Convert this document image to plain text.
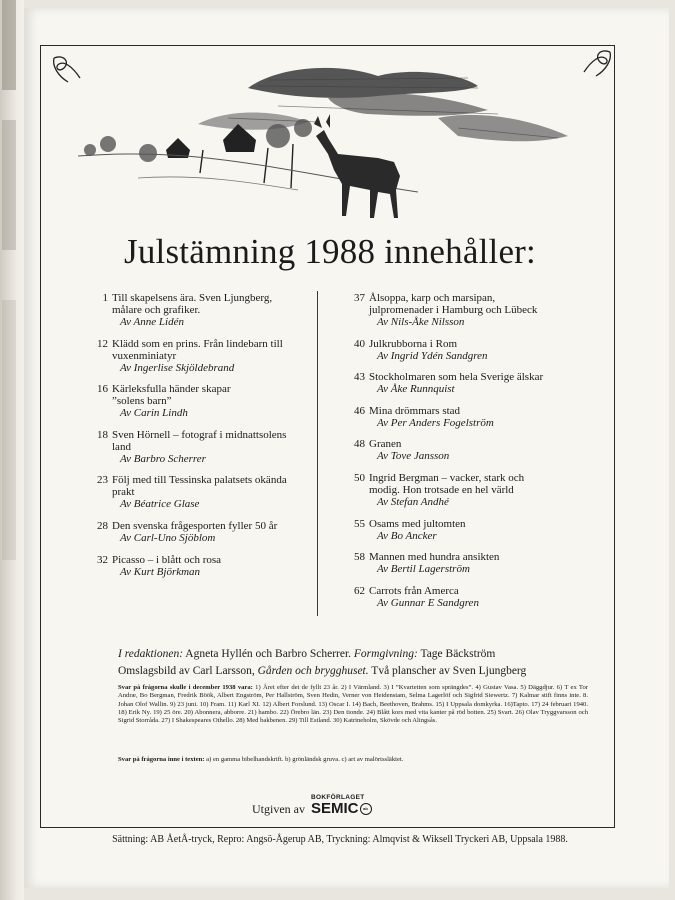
Julstämning 1988 innehåller:
1 Till skapelsens ära. Sven Ljungberg,
målare och grafiker.
Av Anne Lidén
12 Klädd som en prins. Från lindebarn till
vuxenminiatyr
Av Ingerlise Skjöldebrand
16 Kärleksfulla händer skapar
”solens barn”
Av Carin Lindh
18 Sven Hörnell – fotograf i midnattsolens
land
Av Barbro Scherrer
23 Följ med till Tessinska palatsets okända
prakt
Av Béatrice Glase
28 Den svenska frågesporten fyller 50 år
Av Carl-Uno Sjöblom
32 Picasso – i blått och rosa
Av Kurt Björkman
37 Ålsoppa, karp och marsipan,
julpromenader i Hamburg och Lübeck
Av Nils-Åke Nilsson
40 Julkrubborna i Rom
Av Ingrid Ydén Sandgren
43 Stockholmaren som hela Sverige älskar
Av Åke Runnquist
46 Mina drömmars stad
Av Per Anders Fogelström
48 Granen
Av Tove Jansson
50 Ingrid Bergman – vacker, stark och
modig. Hon trotsade en hel värld
Av Stefan Andhé
55 Osams med jultomten
Av Bo Ancker
58 Mannen med hundra ansikten
Av Bertil Lagerström
62 Carrots från Amerca
Av Gunnar E Sandgren
I redaktionen: Agneta Hyllén och Barbro Scherrer. Formgivning: Tage Bäckström
Omslagsbild av Carl Larsson, Gården och brygghuset. Två planscher av Sven Ljungberg
Svar på frågorna skulle i december 1938 vara: 1) Året efter det de fyllt 23 år. 2) I Värmland. 3) I ”Kvartetten som sprängdes”. 4) Gustav Vasa. 5) Däggdjur. 6) T ex Tor Andræ, Bo Bergman, Fredrik Böök, Albert Engström, Per Hallström, Sven Hedin, Verner von Heidenstam, Selma Lagerlöf och Sigfrid Siewertz. 7) Kalmar stift finns inte. 8. Johan Olof Wallin. 9) 23 juni. 10) Fram. 11) Karl XI. 12) Albert Forslund. 13) Oscar I. 14) Bach, Beethoven, Brahms. 15) I Uppsala domkyrka. 16)Tapto. 17) 24 februari 1940. 18) Erik Ny. 19) 25 öre. 20) Abonnera, abborre. 21) hambo. 22) Örebro län. 23) Den tionde. 24) Blått kors med vita kanter på röd botten. 25) Svart. 26) Olav Tryggvarsson och Sigrid Storråda. 27) I Shakespeares Othello. 28) Med bakbenen. 29) Till Estland. 30) Katrineholm, Skövde och Alingsås.
Svar på frågorna inne i texten: a) en gamma bibelhandskrift. b) grönländsk gruva. c) art av malörtssläktet.
Utgiven av
BOKFÖRLAGET
SEMIC	ab
Sättning: AB ÅetÅ-tryck, Repro: Angsö-Ågerup AB, Tryckning: Almqvist & Wiksell Tryckeri AB, Uppsala 1988.
